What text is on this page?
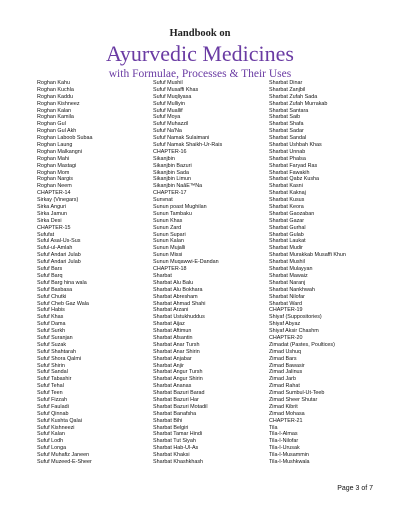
Handbook on
Ayurvedic Medicines
with Formulae, Processes & Their Uses
Roghan Kahu
Roghan Kuchla
Roghan Kaddu
Roghan Kishneez
Roghan Kalan
Roghan Kamila
Roghan Gul
Roghan Gul Akh
Roghan Laboob Subaa
Roghan Laung
Roghan Malkangni
Roghan Mahi
Roghan Mastagi
Roghan Mom
Roghan Nargis
Roghan Neem
CHAPTER-14
Sirkay (Vinegars)
Sirka Anguri
Sirka Jamun
Sirka Desi
CHAPTER-15
Sufufat
Suful Asal-Us-Sus
Suful-ul-Amlah
Sufuf Andari Julab
Sufuf Andari Julab
Sufuf Bars
Sufuf Barq
Sufuf Barg hina wala
Sufuf Basbasa
Sufuf Chutki
Sufuf Cheb Gaz Wala
Sufuf Habis
Sufuf Khas
Sufuf Dama
Sufuf Surkh
Sufuf Suranjan
Sufuf Suzak
Sufuf Shahtarah
Sufuf Shora Qalmi
Sufuf Shirin
Sufuf Sandal
Sufuf Tabashir
Sufuf Tehal
Sufuf Teen
Sufuf Fizzah
Sufuf Fauladi
Sufuf Qinnab
Sufuf Kushta Qalai
Sufuf Kishneezi
Sufuf Kalan
Sufuf Lodh
Sufuf Longa
Sufuf Muhafiz Janeen
Sufuf Muzeed-E-Sheer
Sufuf Mushil
Sufuf Musaffi Khas
Sufuf Muqliyasa
Sufuf Mulliyin
Sufuf Muallif
Sufuf Moya
Sufuf Muhazzil
Sufuf Na'Na
Sufuf Namak Sulaimani
Sufuf Namak Shaikh-Ur-Rais
CHAPTER-16
Sikanjbin
Sikanjbin Bazuri
Sikanjbin Sada
Sikanjbin Limun
Sikanjbin NaâE™Na
CHAPTER-17
Sunvnat
Sunun poast Mughilan
Sunun Tambaku
Sunun Khas
Sunun Zard
Sunun Supari
Sunun Kalan
Sunun Mujalli
Sunun Missi
Sunun Muqawwi-E-Dandan
CHAPTER-18
Sharbat
Sharbat Alu Balu
Sharbat Alu Bokhara
Sharbat Abresham
Sharbat Ahmad Shahi
Sharbat Arzani
Sharbat Ustukhuddus
Sharbat Aijaz
Sharbat Aftimun
Sharbat Afsantin
Sharbat Anar Tursh
Sharbat Anar Shirin
Sharbat Anjabar
Sharbat Anjir
Sharbat Angur Tursh
Sharbat Angur Shirin
Sharbat Ananas
Sharbat Bazuri Barad
Sharbat Bazuri Har
Sharbat Bazuri Motadil
Sharbat Banafsha
Sharbat Bihi
Sharbat Belgiri
Sharbat Tamar Hindi
Sharbat Tut Siyah
Sharbat Hab-Ul-As
Sharbat Khaksi
Sharbat Khashkhash
Sharbat Dinar
Sharbat Zanjbil
Sharbat Zufah Sada
Sharbat Zufah Murrakab
Sharbat Santara
Sharbat Saib
Sharbat Shafa
Sharbat Sadar
Sharbat Sandal
Sharbat Ushbah Khas
Sharbat Unnab
Sharbat Phalsa
Sharbat Faryad Ras
Sharbat Fawakih
Sharbat Qabz Kusha
Sharbat Kasni
Sharbat Kaknaj
Sharbat Kusus
Sharbat Keora
Sharbat Gaozaban
Sharbat Gazar
Sharbat Gurhal
Sharbat Gulab
Sharbat Laukat
Sharbat Mudir
Sharbat Murakkab Musaffi Khun
Sharbat Mushil
Sharbat Mulayyan
Sharbat Mawaiz
Sharbat Naranj
Sharbat Nankhwah
Sharbat Nilofar
Sharbat Ward
CHAPTER-19
Shiyaf (Suppositories)
Shiyaf Abyaz
Shiyaf Aksir Chashm
CHAPTER-20
Zimadat (Pastes, Poultices)
Zimad Ushuq
Zimad Bars
Zimad Bawasir
Zimad Jalinus
Zimad Jarb
Zimad Rahat
Zimad Sumbul-Ut-Teeb
Zimad Sheer Shutar
Zimad Kibrit
Zimad Mohasa
CHAPTER-21
Tila
Tila-I-Almas
Tila-I-Nilofar
Tila-I-Urusak
Tila-I-Musammin
Tila-I-Mushkwala
Page 3 of 7
